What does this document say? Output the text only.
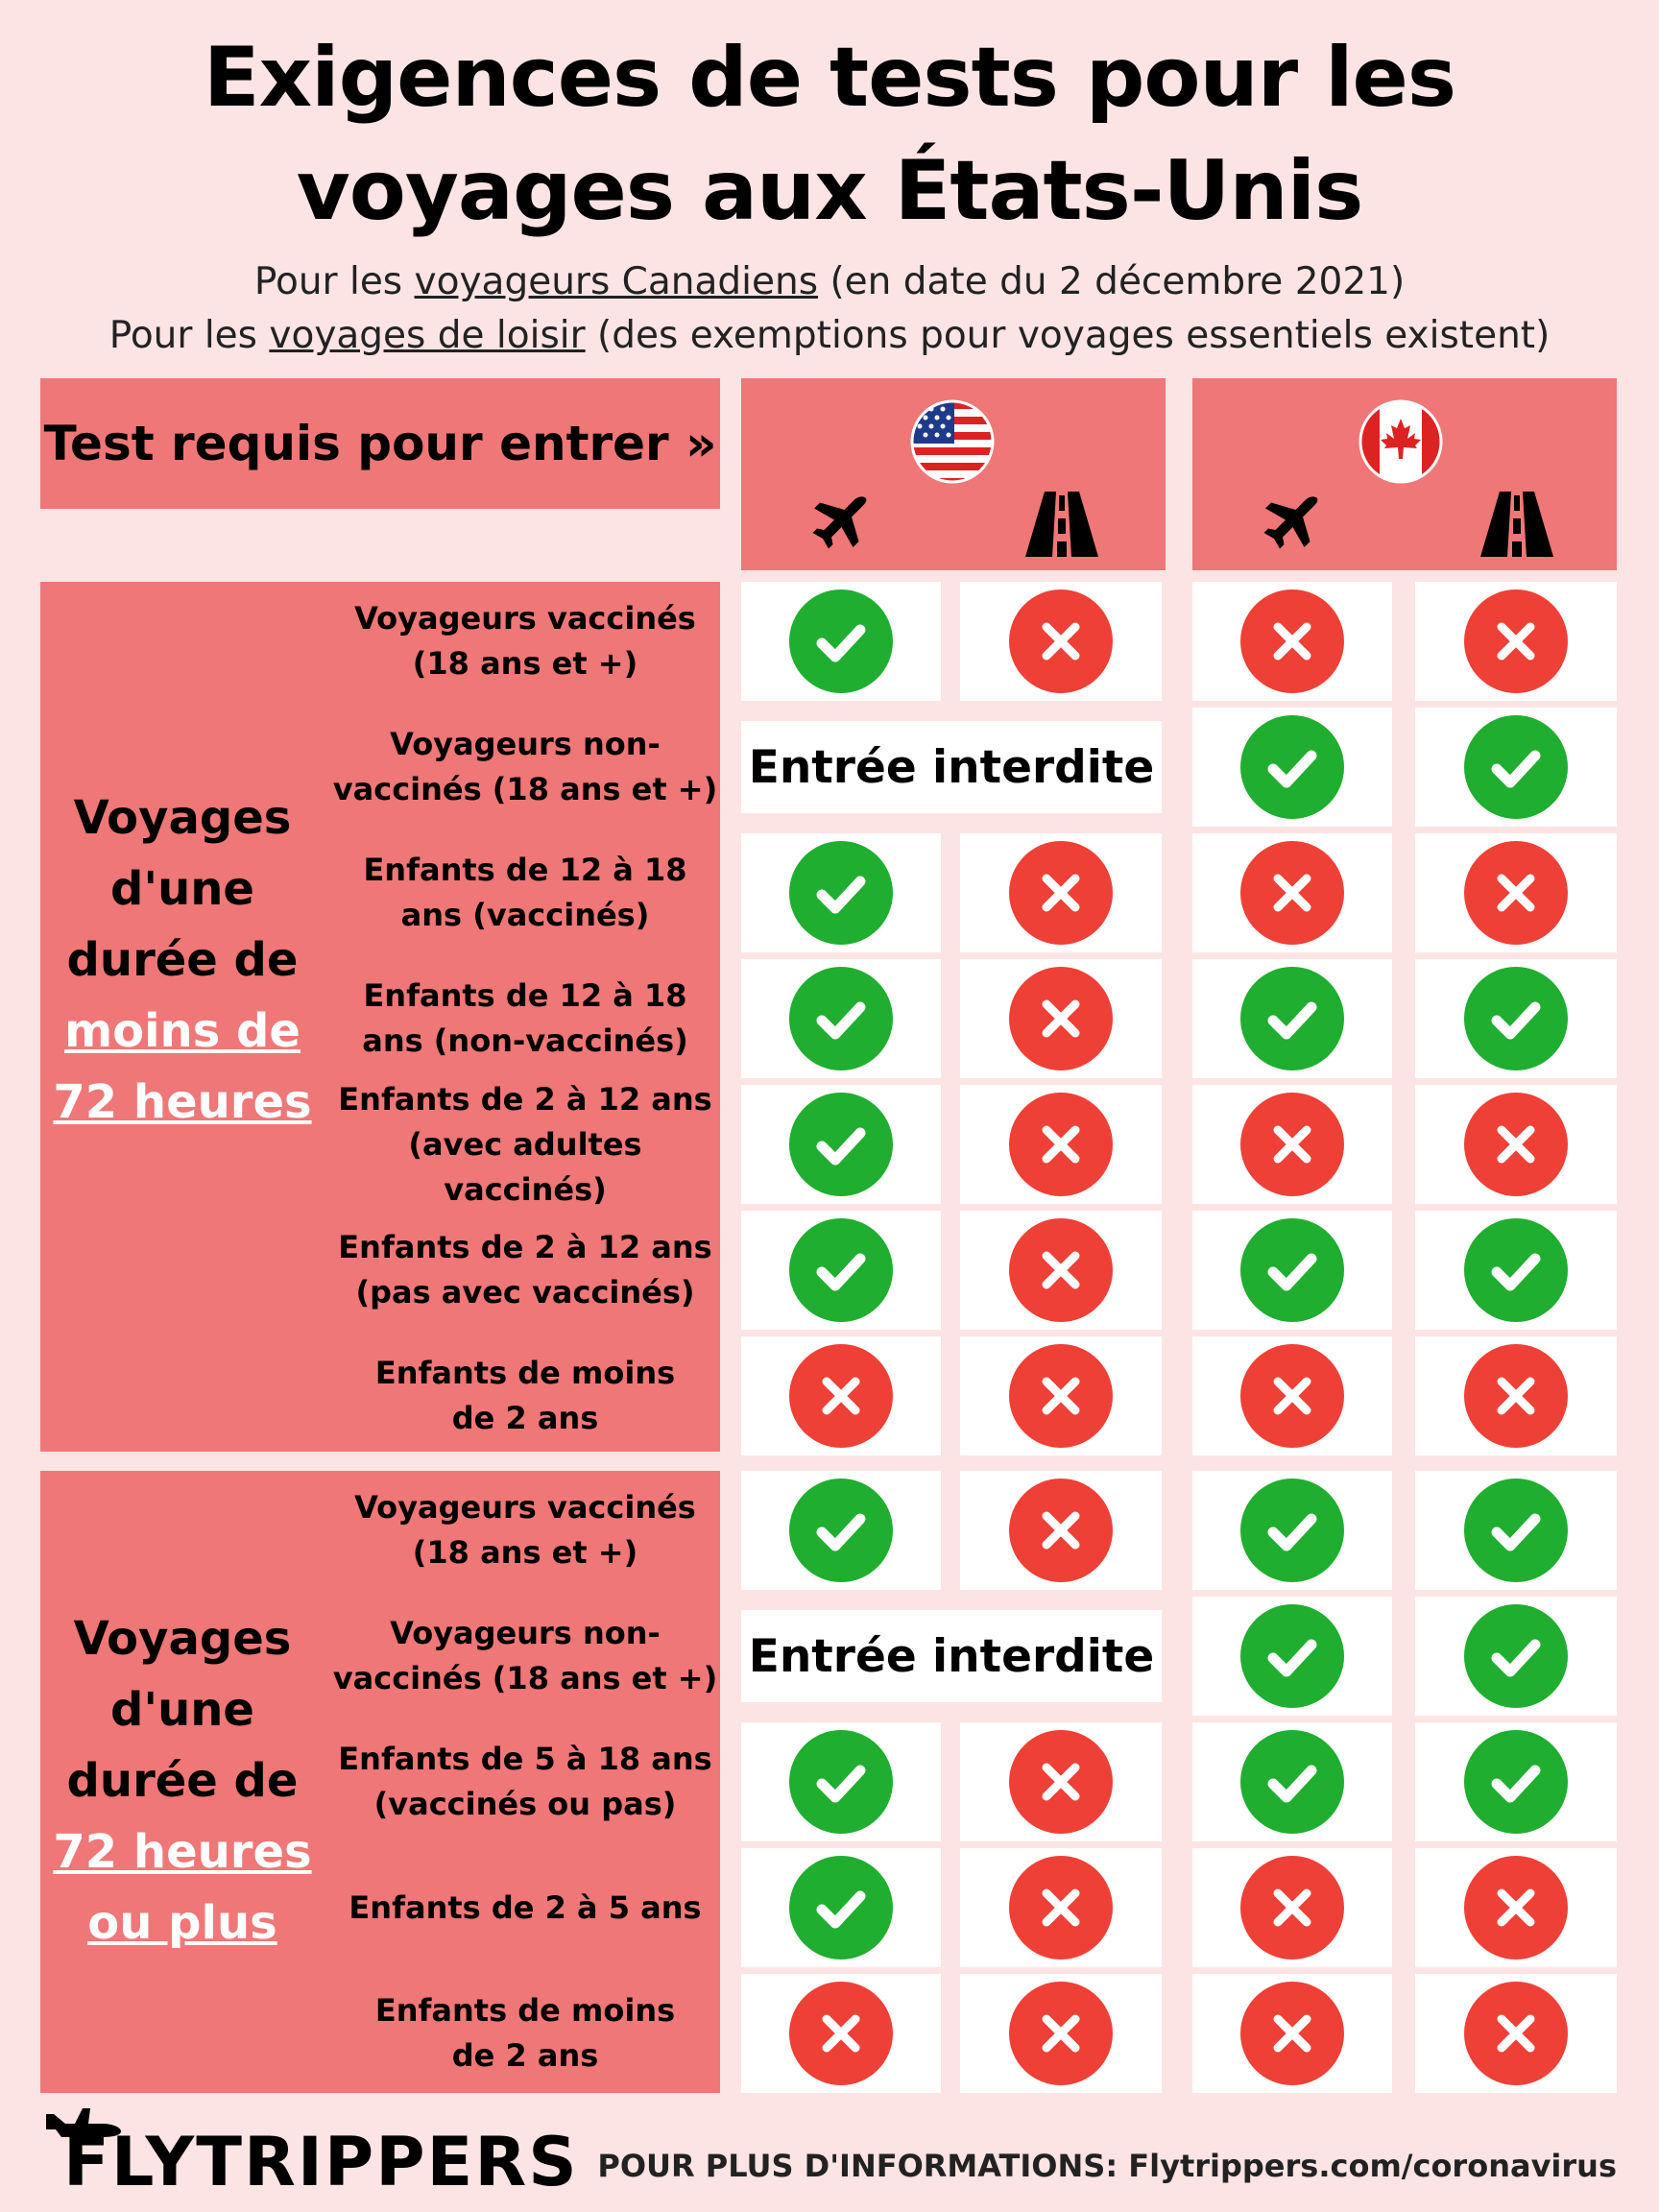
Exigences de tests pour les
voyages aux États-Unis
Pour les voyageurs Canadiens (en date du 2 décembre 2021)
Pour les voyages de loisir (des exemptions pour voyages essentiels existent)
Test requis pour entrer »
Voyages
d'une
durée de
moins de
72 heures
Voyages
d'une
durée de
72 heures
ou plus
Voyageurs vaccinés
(18 ans et +)
Voyageurs non-
vaccinés (18 ans et +) Entrée interdite
Enfants de 12 à 18
ans (vaccinés)
Enfants de 12 à 18
ans (non-vaccinés)
Enfants de 2 à 12 ans
(avec adultes vaccinés)
Enfants de 2 à 12 ans
(pas avec vaccinés)
Enfants de moins
de 2 ans
Voyageurs vaccinés
(18 ans et +)
Voyageurs non-
vaccinés (18 ans et +) Entrée interdite
Enfants de 5 à 18 ans
(vaccinés ou pas)
Enfants de 2 à 5 ans
Enfants de moins
de 2 ans
FLYTRIPPERS POUR PLUS D'INFORMATIONS: Flytrippers.com/coronavirus
